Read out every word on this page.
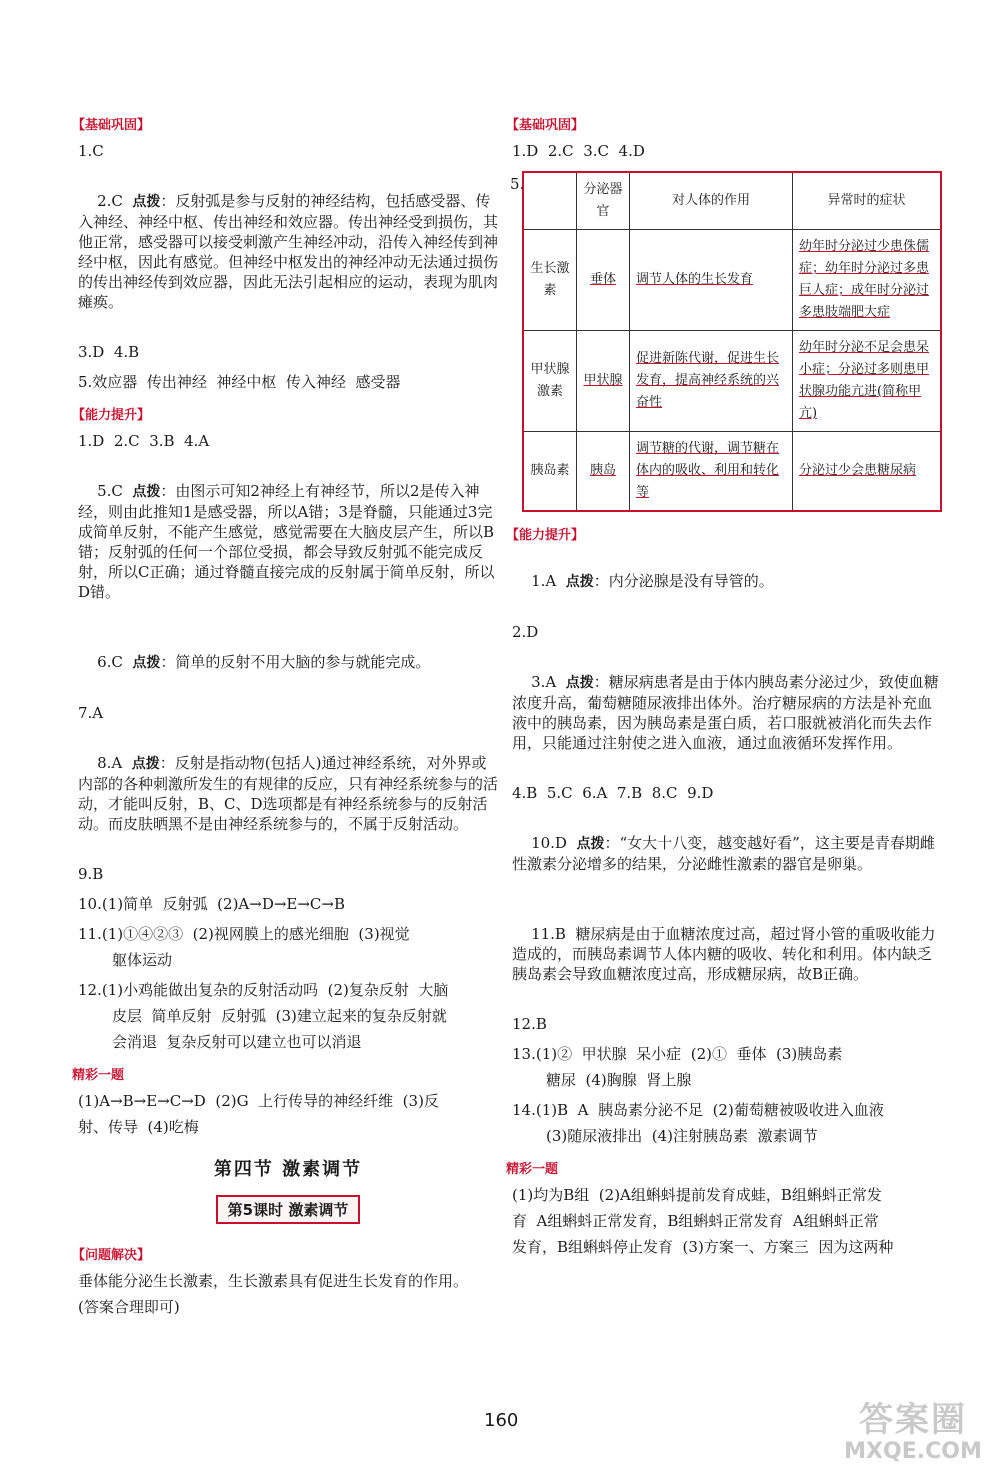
【基础巩固】

1.C

2.C 点拨：反射弧是参与反射的神经结构，包括感受器、传入神经、神经中枢、传出神经和效应器。传出神经受到损伤，其他正常，感受器可以接受刺激产生神经冲动，沿传入神经传到神经中枢，因此有感觉。但神经中枢发出的神经冲动无法通过损伤的传出神经传到效应器，因此无法引起相应的运动，表现为肌肉瘫痪。

3.D  4.B

5.效应器  传出神经  神经中枢  传入神经  感受器

【能力提升】

1.D  2.C  3.B  4.A

5.C 点拨：由图示可知2神经上有神经节，所以2是传入神经，则由此推知1是感受器，所以A错；3是脊髓，只能通过3完成简单反射，不能产生感觉，感觉需要在大脑皮层产生，所以B错；反射弧的任何一个部位受损，都会导致反射弧不能完成反射，所以C正确；通过脊髓直接完成的反射属于简单反射，所以D错。

6.C 点拨：简单的反射不用大脑的参与就能完成。

7.A

8.A 点拨：反射是指动物(包括人)通过神经系统，对外界或内部的各种刺激所发生的有规律的反应，只有神经系统参与的活动，才能叫反射，B、C、D选项都是有神经系统参与的反射活动。而皮肤晒黑不是由神经系统参与的，不属于反射活动。

9.B

10.(1)简单  反射弧  (2)A→D→E→C→B

11.(1)①④②③  (2)视网膜上的感光细胞  (3)视觉

躯体运动

12.(1)小鸡能做出复杂的反射活动吗  (2)复杂反射  大脑

皮层  简单反射  反射弧  (3)建立起来的复杂反射就

会消退  复杂反射可以建立也可以消退

精彩一题

(1)A→B→E→C→D  (2)G  上行传导的神经纤维  (3)反

射、传导  (4)吃梅

第四节 激素调节
第5课时 激素调节
【问题解决】

垂体能分泌生长激素，生长激素具有促进生长发育的作用。

(答案合理即可)

【基础巩固】

1.D  2.C  3.C  4.D

5.
		分泌器官	对人体的作用	异常时的症状
生长激素	垂体	调节人体的生长发育	幼年时分泌过少患侏儒症；幼年时分泌过多患巨人症；成年时分泌过多患肢端肥大症
甲状腺激素	甲状腺	促进新陈代谢，促进生长发育，提高神经系统的兴奋性	幼年时分泌不足会患呆小症；分泌过多则患甲状腺功能亢进(简称甲亢)
胰岛素	胰岛	调节糖的代谢，调节糖在体内的吸收、利用和转化等	分泌过少会患糖尿病
【能力提升】

1.A 点拨：内分泌腺是没有导管的。

2.D

3.A 点拨：糖尿病患者是由于体内胰岛素分泌过少，致使血糖浓度升高，葡萄糖随尿液排出体外。治疗糖尿病的方法是补充血液中的胰岛素，因为胰岛素是蛋白质，若口服就被消化而失去作用，只能通过注射使之进入血液，通过血液循环发挥作用。

4.B  5.C  6.A  7.B  8.C  9.D

10.D 点拨：“女大十八变，越变越好看”，这主要是青春期雌性激素分泌增多的结果，分泌雌性激素的器官是卵巢。

11.B 糖尿病是由于血糖浓度过高，超过肾小管的重吸收能力造成的，而胰岛素调节人体内糖的吸收、转化和利用。体内缺乏胰岛素会导致血糖浓度过高，形成糖尿病，故B正确。

12.B

13.(1)②  甲状腺  呆小症  (2)①  垂体  (3)胰岛素

糖尿  (4)胸腺  肾上腺

14.(1)B  A  胰岛素分泌不足  (2)葡萄糖被吸收进入血液

(3)随尿液排出  (4)注射胰岛素  激素调节

精彩一题

(1)均为B组  (2)A组蝌蚪提前发育成蛙，B组蝌蚪正常发

育  A组蝌蚪正常发育，B组蝌蚪正常发育  A组蝌蚪正常

发育，B组蝌蚪停止发育  (3)方案一、方案三  因为这两种

160	答案圈
MXQE.COM
